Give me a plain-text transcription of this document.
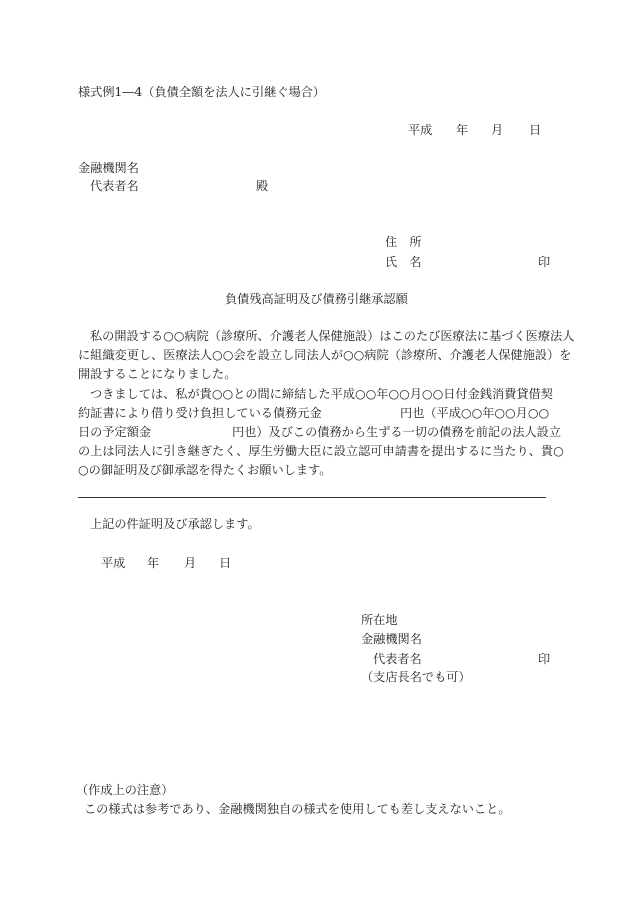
様式例1―4（負債全額を法人に引継ぐ場合）
平成 年 月 日
金融機関名
代表者名	殿
住　所
氏　名	印
負債残高証明及び債務引継承認願
私の開設する○○病院（診療所、介護老人保健施設）はこのたび医療法に基づく医療法人
に組織変更し、医療法人○○会を設立し同法人が○○病院（診療所、介護老人保健施設）を
開設することになりました。
つきましては、私が貴○○との間に締結した平成○○年○○月○○日付金銭消費貸借契
約証書により借り受け負担している債務元金	円也（平成○○年○○月○○
日の予定額金	円也）及びこの債務から生ずる一切の債務を前記の法人設立
の上は同法人に引き継ぎたく、厚生労働大臣に設立認可申請書を提出するに当たり、貴○
○の御証明及び御承認を得たくお願いします。
上記の件証明及び承認します。
平成 年 月 日
所在地
金融機関名
代表者名	印
（支店長名でも可）
（作成上の注意）
この様式は参考であり、金融機関独自の様式を使用しても差し支えないこと。
